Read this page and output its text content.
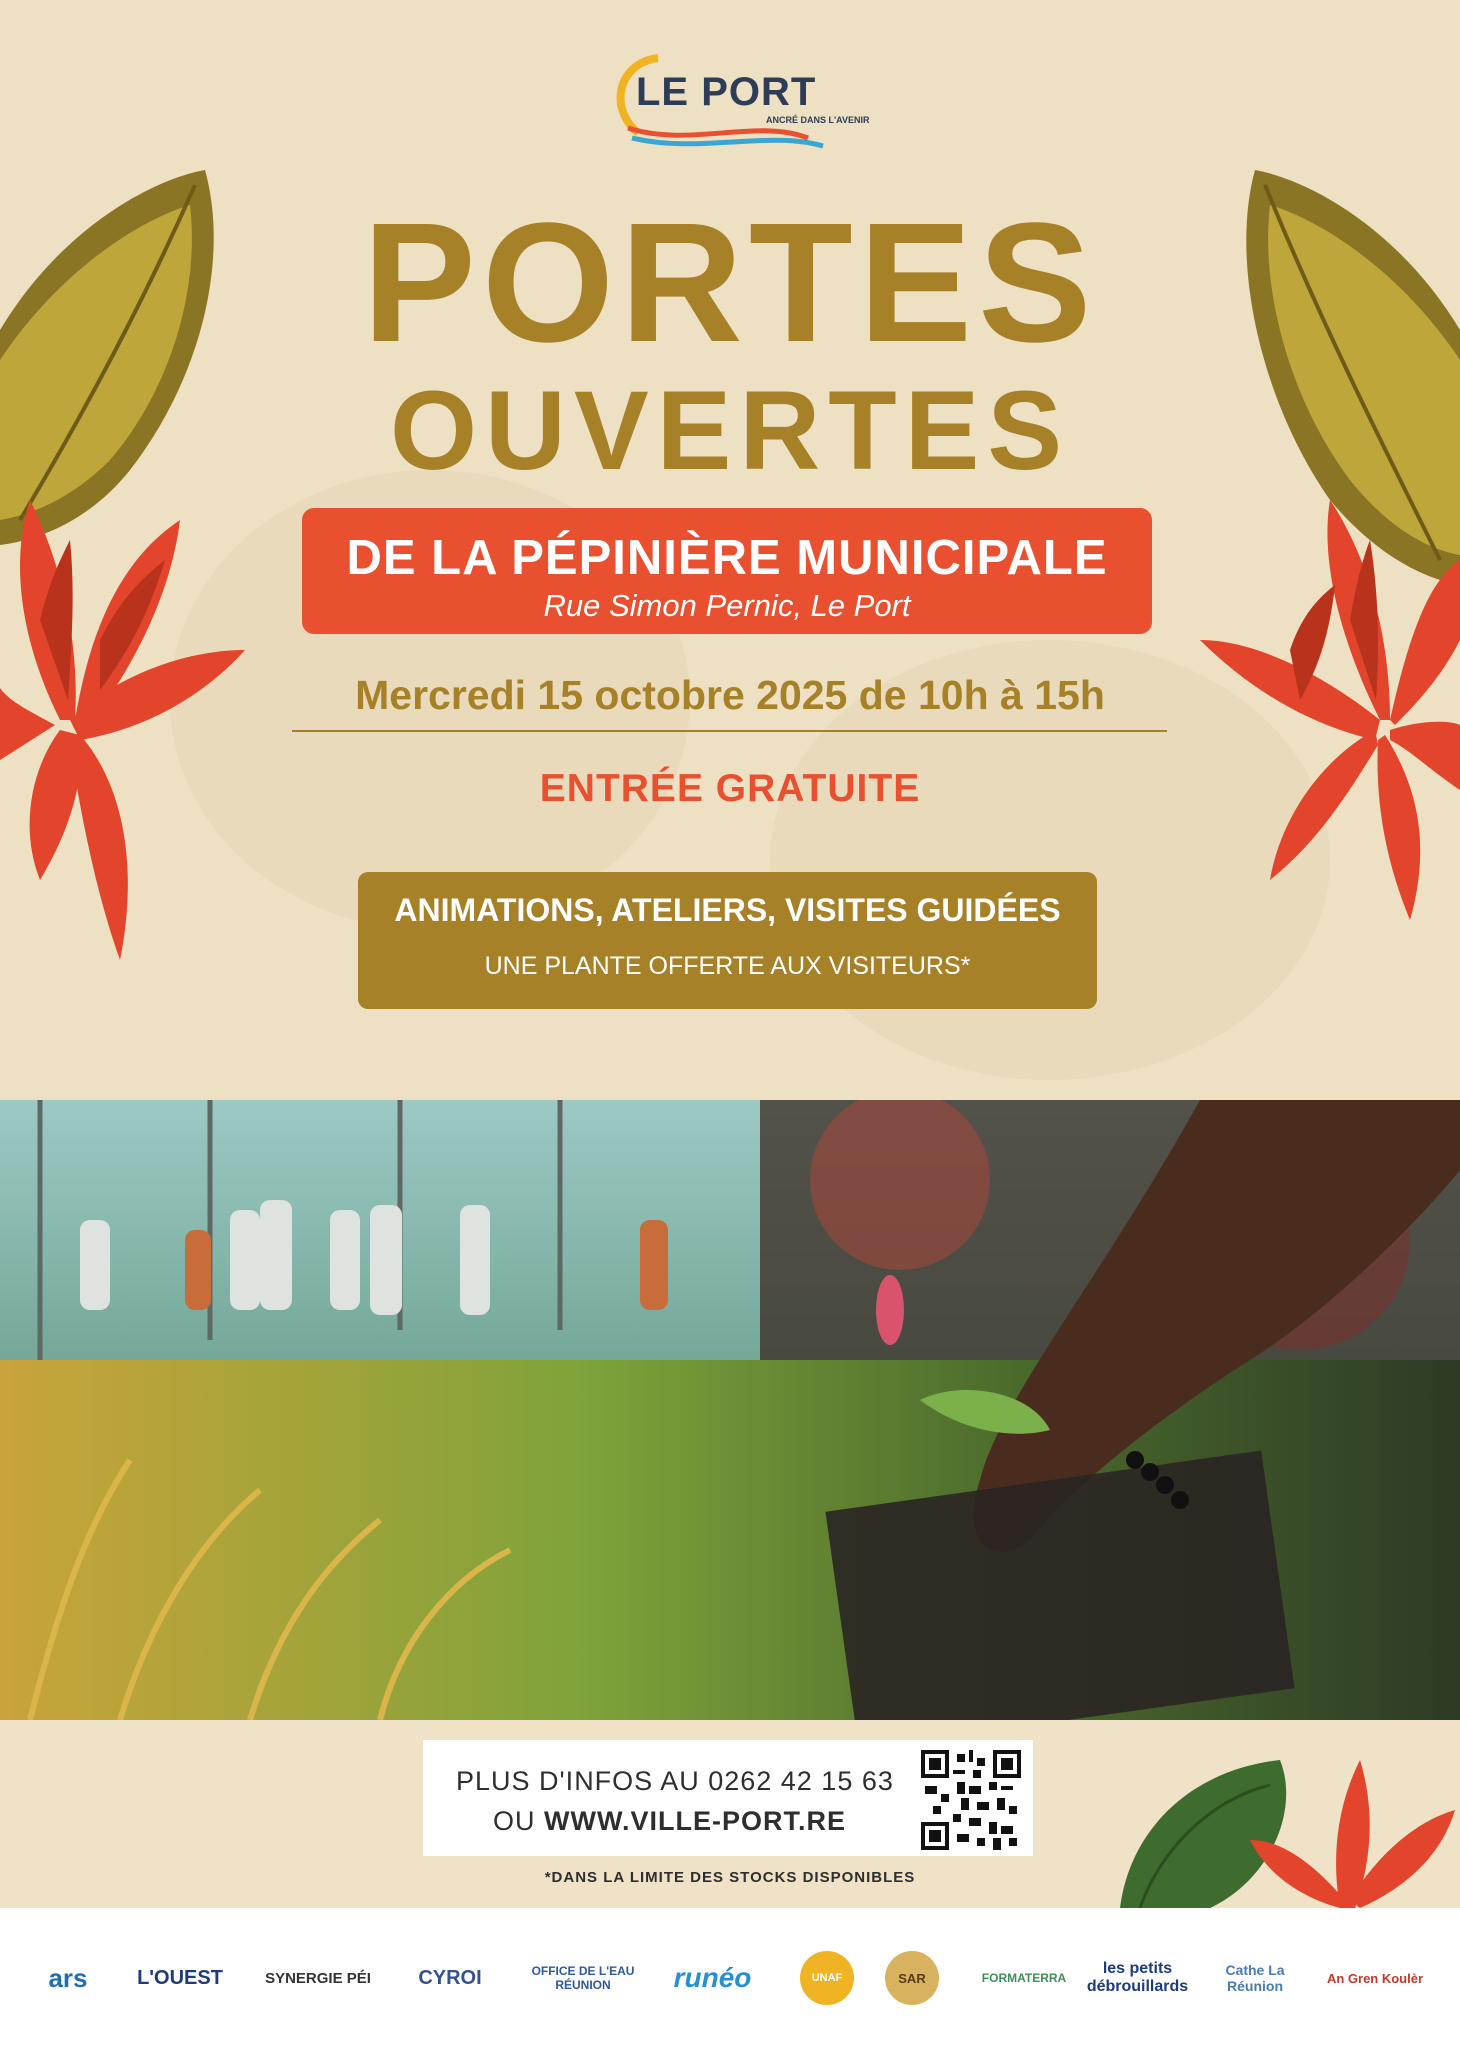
LE PORT
ANCRÉ DANS L'AVENIR
PORTES
OUVERTES
DE LA PÉPINIÈRE MUNICIPALE
Rue Simon Pernic, Le Port
Mercredi 15 octobre 2025 de 10h à 15h
ENTRÉE GRATUITE
ANIMATIONS, ATELIERS, VISITES GUIDÉES
UNE PLANTE OFFERTE AUX VISITEURS*
PLUS D'INFOS AU 0262 42 15 63
OU WWW.VILLE-PORT.RE
*DANS LA LIMITE DES STOCKS DISPONIBLES
ars	L'OUEST	SYNERGIE PÉI	CYROI	OFFICE DE L'EAU RÉUNION	runéo	UNAF	SAR	FORMATERRA
les petits débrouillards
Cathe La Réunion	An Gren Koulèr
